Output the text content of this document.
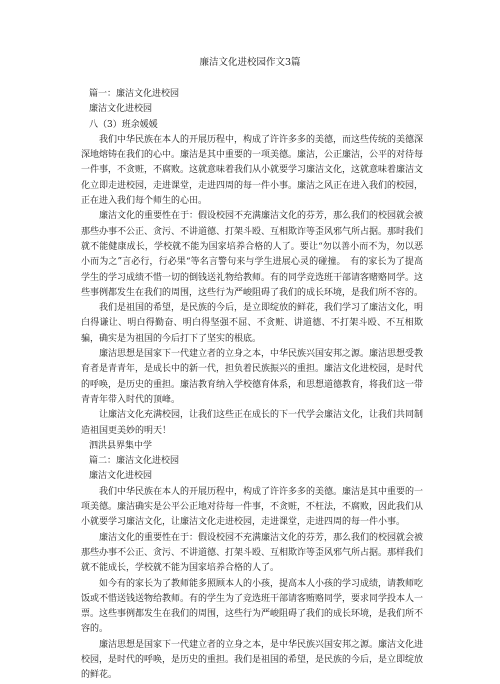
廉洁文化进校园作文3篇

篇一：廉洁文化进校园

廉洁文化进校园

八（3）班余媛媛

我们中华民族在本人的开展历程中，构成了许许多多的美德，而这些传统的美德深深地熔铸在我们的心中。廉洁是其中重要的一项美德。廉洁，公正廉洁，公平的对待每一件事，不贪赃，不腐败。这就意味着我们从小就要学习廉洁文化，这就意味着廉洁文化立即走进校园，走进课堂，走进四周的每一件小事。廉洁之风正在进入我们的校园，正在进入我们每个师生的心田。

廉洁文化的重要性在于：假设校园不充满廉洁文化的芬芳，那么我们的校园就会被那些办事不公正、贪污、不讲道德、打架斗殴、互相欺诈等歪风邪气所占据。那时我们就不能健康成长，学校就不能为国家培养合格的人了。要让“勿以善小而不为，勿以恶小而为之”言必行，行必果“等名言警句来与学生进展心灵的碰撞。　有的家长为了提高学生的学习成绩不惜一切的倒钱送礼物给教师。有的同学竞选班干部请客赌赂同学。这些事例都发生在我们的周围，这些行为严峻阻碍了我们的成长环境，是我们所不容的。

我们是祖国的希望，是民族的今后，是立即绽放的鲜花，我们学习了廉洁文化，明白得谦让、明白得勤奋、明白得坚强不屈、不贪赃、讲道德、不打架斗殴、不互相欺骗，确实是为祖国的今后打下了坚实的根底。

廉洁思想是国家下一代建立者的立身之本，中华民族兴国安邦之源。廉洁思想受教育者是青青年，是成长中的新一代，担负着民族振兴的重担。廉洁文化进校园，是时代的呼唤，是历史的重担。廉洁教育纳入学校德育体系，和思想道德教育，将我们这一带青青年带入时代的顶峰。

让廉洁文化充满校园，让我们这些正在成长的下一代学会廉洁文化，让我们共同制造祖国更美妙的明天！

泗洪县界集中学

篇二：廉洁文化进校园

廉洁文化进校园

我们中华民族在本人的开展历程中，构成了许许多多的美德。廉洁是其中重要的一项美德。廉洁确实是公平公正地对待每一件事，不贪赃，不枉法，不腐败，因此我们从小就要学习廉洁文化，让廉洁文化走进校园，走进课堂，走进四周的每一件小事。

廉洁文化的重要性在于：假设校园不充满廉洁文化的芬芳，那么我们的校园就会被那些办事不公正、贪污、不讲道德、打架斗殴、互相欺诈等歪风邪气所占据。那样我们就不能成长，学校就不能为国家培养合格的人了。

如今有的家长为了教师能多照顾本人的小孩，提高本人小孩的学习成绩，请教师吃饭或不惜送钱送物给教师。有的学生为了竞选班干部请客贿赂同学，要求同学投本人一票。这些事例都发生在我们的周围，这些行为严峻阻碍了我们的成长环境，是我们所不容的。

廉洁思想是国家下一代建立者的立身之本，是中华民族兴国安邦之源。廉洁文化进校园，是时代的呼唤，是历史的重担。我们是祖国的希望，是民族的今后，是立即绽放的鲜花。
